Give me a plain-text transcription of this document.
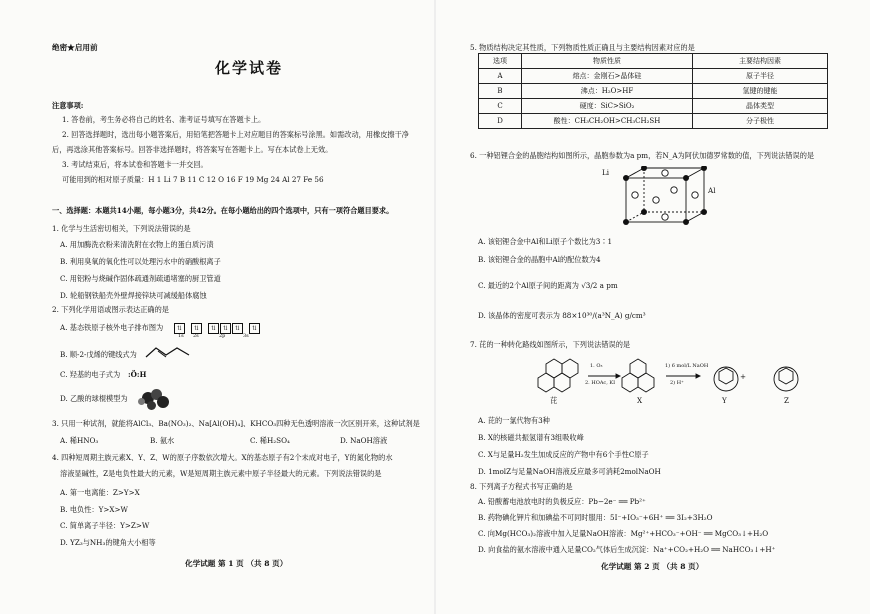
绝密★启用前
化学试卷
注意事项:
1. 答卷前，考生务必将自己的姓名、准考证号填写在答题卡上。
2. 回答选择题时，选出每小题答案后，用铅笔把答题卡上对应题目的答案标号涂黑。如需改动，用橡皮擦干净
后，再选涂其他答案标号。回答非选择题时，将答案写在答题卡上。写在本试卷上无效。
3. 考试结束后，将本试卷和答题卡一并交回。
可能用到的相对原子质量：H 1 Li 7 B 11 C 12 O 16 F 19 Mg 24 Al 27 Fe 56
一、选择题：本题共14小题，每小题3分，共42分。在每小题给出的四个选项中，只有一项符合题目要求。
1. 化学与生活密切相关，下列说法错误的是
A. 用加酶洗衣粉来清洗附在衣物上的蛋白质污渍
B. 利用臭氧的氧化性可以处理污水中的硝酸根离子
C. 用铝粉与烧碱作固体疏通剂疏通堵塞的厨卫管道
D. 轮船钢铁船壳外壁焊接锌块可减缓船体腐蚀
2. 下列化学用语或图示表达正确的是
A. 基态铁原子核外电子排布图为	⇅ ⇅ ⇅ ⇅ ⇅ ⇅
1s 2s	2p	3s
B. 顺-2-戊烯的键线式为
C. 羟基的电子式为 :Ö:H
D. 乙酸的球棍模型为
3. 只用一种试剂，就能将AlCl₃、Ba(NO₃)₂、Na[Al(OH)₄]、KHCO₃四种无色透明溶液一次区别开来，这种试剂是
A. 稀HNO₃	B. 氨水	C. 稀H₂SO₄	D. NaOH溶液
4. 四种短周期主族元素X、Y、Z、W的原子序数依次增大。X的基态原子有2个未成对电子，Y的氮化物的水
溶液显碱性，Z是电负性最大的元素，W是短周期主族元素中原子半径最大的元素。下列说法错误的是
A. 第一电离能：Z>Y>X
B. 电负性：Y>X>W
C. 简单离子半径：Y>Z>W
D. YZ₃与NH₃的键角大小相等
化学试题 第 1 页 （共 8 页）
5. 物质结构决定其性质，下列物质性质正确且与主要结构因素对应的是
选项	物质性质	主要结构因素
A	熔点：金刚石>晶体硅	原子半径
B	沸点：H₂O>HF	氢键的键能
C	硬度：SiC>SiO₂	晶体类型
D	酸性：CH₃CH₂OH>CH₃CH₂SH	分子极性
6. 一种铝锂合金的晶胞结构如图所示，晶胞参数为a pm，若N_A为阿伏加德罗常数的值，下列说法错误的是
Li
Al
A. 该铝锂合金中Al和Li原子个数比为3∶1
B. 该铝锂合金的晶胞中Al的配位数为4
C. 最近的2个Al原子间的距离为 √3/2 a pm
D. 该晶体的密度可表示为 88×10³⁰/(a³N_A) g/cm³
7. 芘的一种转化路线如图所示，下列说法错误的是
1. O₃
2. HOAc, KI
1) 6 mol/L NaOH
2) H⁺
+
芘	X	Y	Z
A. 芘的一氯代物有3种
B. X的核磁共振氢谱有3组吸收峰
C. X与足量H₂发生加成反应的产物中有6个手性C原子
D. 1molZ与足量NaOH溶液反应最多可消耗2molNaOH
8. 下列离子方程式书写正确的是
A. 铅酸蓄电池放电时的负极反应：Pb−2e⁻ ══ Pb²⁺
B. 药物碘化钾片和加碘盐不可同时服用：5I⁻+IO₃⁻+6H⁺ ══ 3I₂+3H₂O
C. 向Mg(HCO₃)₂溶液中加入足量NaOH溶液：Mg²⁺+HCO₃⁻+OH⁻ ══ MgCO₃↓+H₂O
D. 向食盐的氨水溶液中通入足量CO₂气体后生成沉淀：Na⁺+CO₂+H₂O ══ NaHCO₃↓+H⁺
化学试题 第 2 页 （共 8 页）
